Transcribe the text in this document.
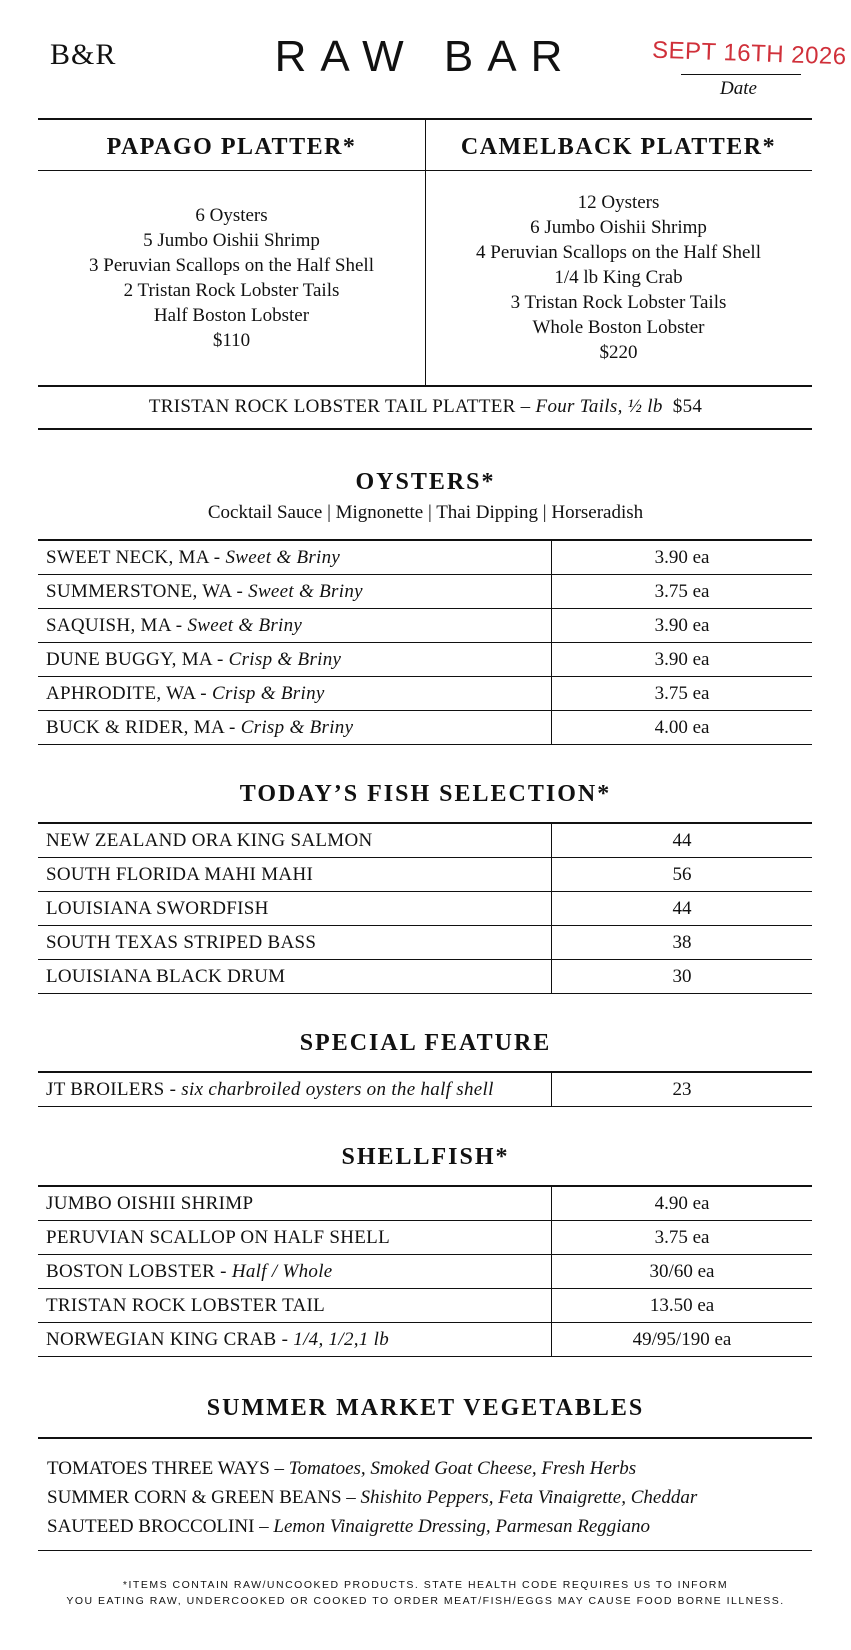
B&R	RAW BAR	SEPT 16TH 2026
Date
PAPAGO PLATTER*	CAMELBACK PLATTER*
6 Oysters
5 Jumbo Oishii Shrimp
3 Peruvian Scallops on the Half Shell
2 Tristan Rock Lobster Tails
Half Boston Lobster
$110
12 Oysters
6 Jumbo Oishii Shrimp
4 Peruvian Scallops on the Half Shell
1/4 lb King Crab
3 Tristan Rock Lobster Tails
Whole Boston Lobster
$220
TRISTAN ROCK LOBSTER TAIL PLATTER – Four Tails, ½ lb $54
OYSTERS*
Cocktail Sauce | Mignonette | Thai Dipping | Horseradish
SWEET NECK, MA - Sweet & Briny	3.90 ea
SUMMERSTONE, WA - Sweet & Briny	3.75 ea
SAQUISH, MA - Sweet & Briny	3.90 ea
DUNE BUGGY, MA - Crisp & Briny	3.90 ea
APHRODITE, WA - Crisp & Briny	3.75 ea
BUCK & RIDER, MA - Crisp & Briny	4.00 ea
TODAY’S FISH SELECTION*
NEW ZEALAND ORA KING SALMON	44
SOUTH FLORIDA MAHI MAHI	56
LOUISIANA SWORDFISH	44
SOUTH TEXAS STRIPED BASS	38
LOUISIANA BLACK DRUM	30
SPECIAL FEATURE
JT BROILERS - six charbroiled oysters on the half shell	23
SHELLFISH*
JUMBO OISHII SHRIMP	4.90 ea
PERUVIAN SCALLOP ON HALF SHELL	3.75 ea
BOSTON LOBSTER - Half / Whole	30/60 ea
TRISTAN ROCK LOBSTER TAIL	13.50 ea
NORWEGIAN KING CRAB - 1/4, 1/2,1 lb	49/95/190 ea
SUMMER MARKET VEGETABLES
TOMATOES THREE WAYS – Tomatoes, Smoked Goat Cheese, Fresh Herbs
SUMMER CORN & GREEN BEANS – Shishito Peppers, Feta Vinaigrette, Cheddar
SAUTEED BROCCOLINI – Lemon Vinaigrette Dressing, Parmesan Reggiano
*ITEMS CONTAIN RAW/UNCOOKED PRODUCTS. STATE HEALTH CODE REQUIRES US TO INFORM
YOU EATING RAW, UNDERCOOKED OR COOKED TO ORDER MEAT/FISH/EGGS MAY CAUSE FOOD BORNE ILLNESS.
